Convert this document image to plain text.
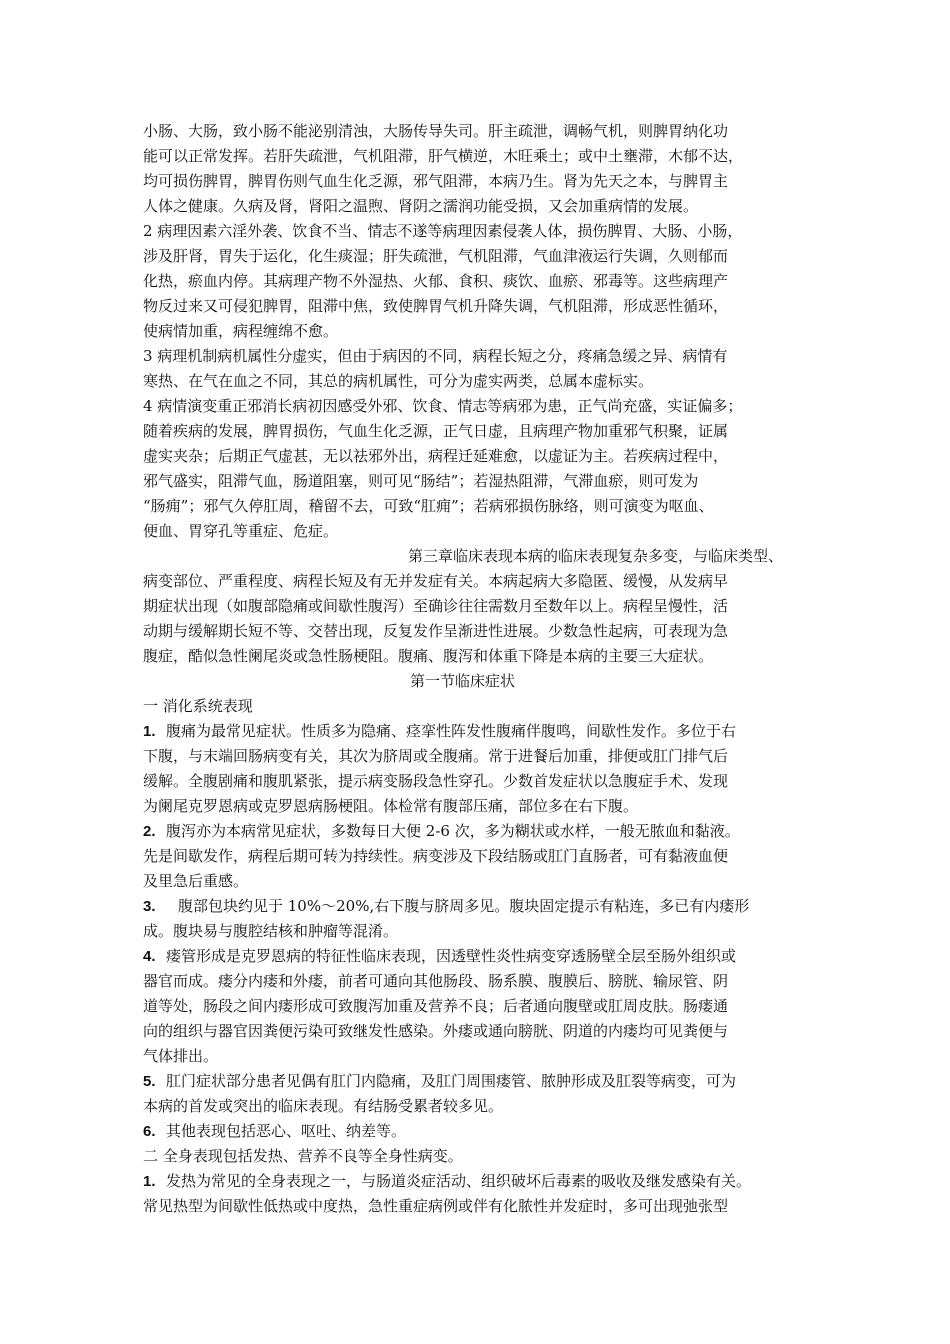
小肠、大肠，致小肠不能泌别清浊，大肠传导失司。肝主疏泄，调畅气机，则脾胃纳化功
能可以正常发挥。若肝失疏泄，气机阻滞，肝气横逆，木旺乘土；或中土壅滞，木郁不达，
均可损伤脾胃，脾胃伤则气血生化乏源，邪气阻滞，本病乃生。肾为先天之本，与脾胃主
人体之健康。久病及肾，肾阳之温煦、肾阴之濡润功能受损，又会加重病情的发展。
2 病理因素六淫外袭、饮食不当、情志不遂等病理因素侵袭人体，损伤脾胃、大肠、小肠，
涉及肝肾，胃失于运化，化生痰湿；肝失疏泄，气机阻滞，气血津液运行失调，久则郁而
化热，瘀血内停。其病理产物不外湿热、火郁、食积、痰饮、血瘀、邪毒等。这些病理产
物反过来又可侵犯脾胃，阻滞中焦，致使脾胃气机升降失调，气机阻滞，形成恶性循环，
使病情加重，病程缠绵不愈。
3 病理机制病机属性分虚实，但由于病因的不同，病程长短之分，疼痛急缓之异、病情有
寒热、在气在血之不同，其总的病机属性，可分为虚实两类，总属本虚标实。
4 病情演变重正邪消长病初因感受外邪、饮食、情志等病邪为患，正气尚充盛，实证偏多；
随着疾病的发展，脾胃损伤，气血生化乏源，正气日虚，且病理产物加重邪气积聚，证属
虚实夹杂；后期正气虚甚，无以祛邪外出，病程迁延难愈，以虚证为主。若疾病过程中，
邪气盛实，阻滞气血，肠道阻塞，则可见“肠结”；若湿热阻滞，气滞血瘀，则可发为
“肠痈”；邪气久停肛周，稽留不去，可致“肛痈”；若病邪损伤脉络，则可演变为呕血、
便血、胃穿孔等重症、危症。
第三章临床表现本病的临床表现复杂多变，与临床类型、
病变部位、严重程度、病程长短及有无并发症有关。本病起病大多隐匿、缓慢，从发病早
期症状出现（如腹部隐痛或间歇性腹泻）至确诊往往需数月至数年以上。病程呈慢性，活
动期与缓解期长短不等、交替出现，反复发作呈渐进性进展。少数急性起病，可表现为急
腹症，酷似急性阑尾炎或急性肠梗阻。腹痛、腹泻和体重下降是本病的主要三大症状。
第一节临床症状
一 消化系统表现
1. 腹痛为最常见症状。性质多为隐痛、痉挛性阵发性腹痛伴腹鸣，间歇性发作。多位于右
下腹，与末端回肠病变有关，其次为脐周或全腹痛。常于进餐后加重，排便或肛门排气后
缓解。全腹剧痛和腹肌紧张，提示病变肠段急性穿孔。少数首发症状以急腹症手术、发现
为阑尾克罗恩病或克罗恩病肠梗阻。体检常有腹部压痛，部位多在右下腹。
2. 腹泻亦为本病常见症状，多数每日大便 2-6 次，多为糊状或水样，一般无脓血和黏液。
先是间歇发作，病程后期可转为持续性。病变涉及下段结肠或肛门直肠者，可有黏液血便
及里急后重感。
3. 腹部包块约见于 10%～20%,右下腹与脐周多见。腹块固定提示有粘连，多已有内瘘形
成。腹块易与腹腔结核和肿瘤等混淆。
4. 瘘管形成是克罗恩病的特征性临床表现，因透壁性炎性病变穿透肠壁全层至肠外组织或
器官而成。瘘分内瘘和外瘘，前者可通向其他肠段、肠系膜、腹膜后、膀胱、输尿管、阴
道等处，肠段之间内瘘形成可致腹泻加重及营养不良；后者通向腹壁或肛周皮肤。肠瘘通
向的组织与器官因粪便污染可致继发性感染。外瘘或通向膀胱、阴道的内瘘均可见粪便与
气体排出。
5. 肛门症状部分患者见偶有肛门内隐痛，及肛门周围瘘管、脓肿形成及肛裂等病变，可为
本病的首发或突出的临床表现。有结肠受累者较多见。
6. 其他表现包括恶心、呕吐、纳差等。
二 全身表现包括发热、营养不良等全身性病变。
1. 发热为常见的全身表现之一，与肠道炎症活动、组织破坏后毒素的吸收及继发感染有关。
常见热型为间歇性低热或中度热，急性重症病例或伴有化脓性并发症时，多可出现弛张型
